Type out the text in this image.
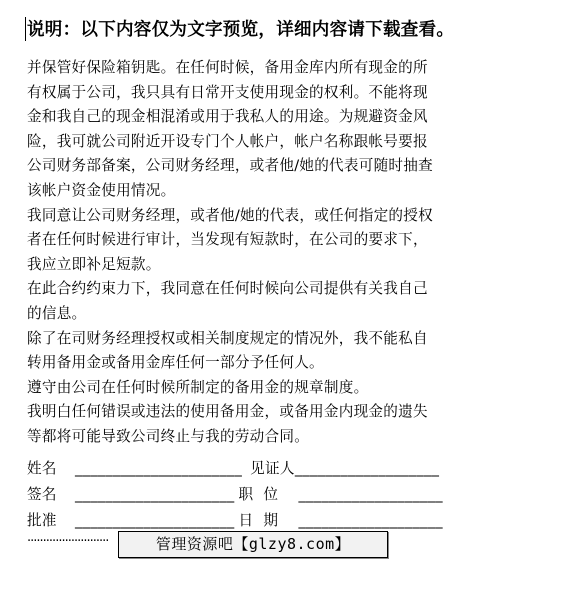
说明：以下内容仅为文字预览，详细内容请下载查看。
并保管好保险箱钥匙。在任何时候，备用金库内所有现金的所
有权属于公司，我只具有日常开支使用现金的权利。不能将现
金和我自己的现金相混淆或用于我私人的用途。为规避资金风
险，我可就公司附近开设专门个人帐户，帐户名称跟帐号要报
公司财务部备案，公司财务经理，或者他/她的代表可随时抽查
该帐户资金使用情况。
我同意让公司财务经理，或者他/她的代表，或任何指定的授权
者在任何时候进行审计，当发现有短款时，在公司的要求下，
我应立即补足短款。
在此合约约束力下，我同意在任何时候向公司提供有关我自己
的信息。
除了在司财务经理授权或相关制度规定的情况外，我不能私自
转用备用金或备用金库任何一部分予任何人。
遵守由公司在任何时候所制定的备用金的规章制度。
我明白任何错误或违法的使用备用金，或备用金内现金的遗失
等都将可能导致公司终止与我的劳动合同。
姓名 ______________________ 见证人___________________
签名 _____________________ 职  位 ___________________
批准 _____________________ 日  期 ___________________
··························	管理资源吧【glzy8.com】
